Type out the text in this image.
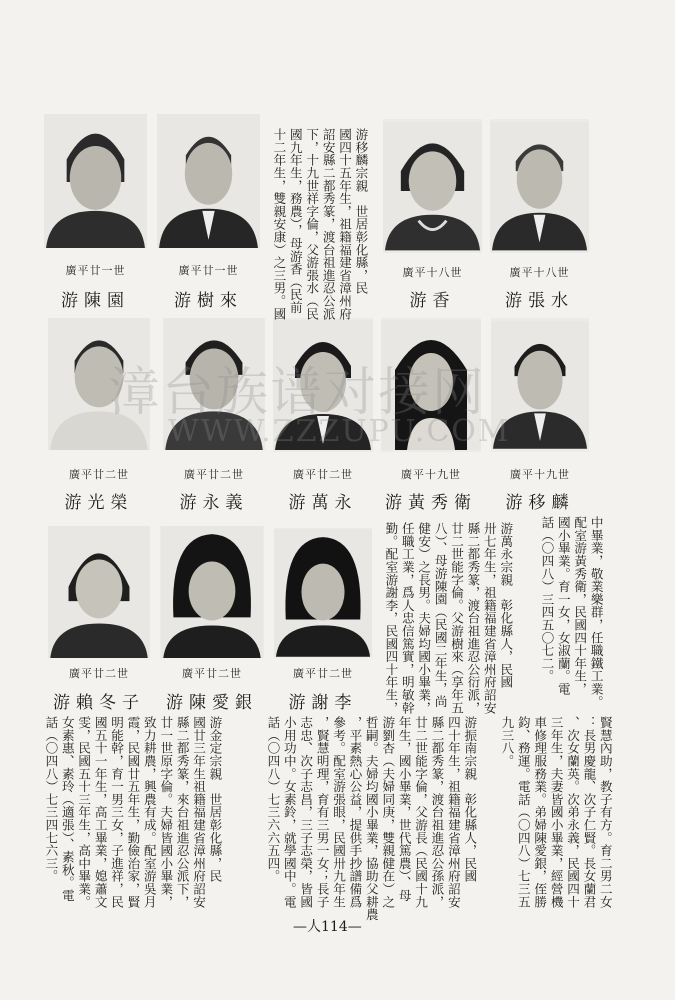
廣平廿一世	廣平廿一世	廣平十八世	廣平十八世
游陳園	游樹來	游香	游張水
廣平廿二世	廣平廿二世	廣平廿二世	廣平十九世	廣平十九世
游光榮	游永義	游萬永	游黃秀衛	游移麟
廣平廿二世	廣平廿二世	廣平廿二世
游賴冬子	游陳愛銀	游謝李
游移麟宗親　世居彰化縣，民
國四十五年生，祖籍福建省漳州府
詔安縣二都秀篆，渡台祖進忍公派
下，十九世祥字倫，父游張水（民
國九年生，務農），母游香（民前
十二年生，雙親安康）之三男。國
中畢業，敬業樂群，任職鐵工業。
配室游黃秀衛，民國四十年生，
國小畢業。育一女，女淑蘭。電
話（〇四八）三四五〇七二。
游萬永宗親　彰化縣人，民國
卅七年生，祖籍福建省漳州府詔安
縣二都秀篆，渡台祖進忍公衍派，
廿二世能字倫。父游樹來（享年五
八）、母游陳園（民國二年生，尚
健安）之長男。夫婦均國小畢業，
任職工業，爲人忠信篤實，明敏幹
勤。配室游謝李，民國四十年生，
賢慧內助，教子有方。育二男二女
：長男慶龍、次子仁賢。長女蘭君
、次女蘭英。次弟永義，民國四十
三年生，夫妻皆國小畢業，經營機
車修理服務業。弟婦陳愛銀，侄勝
鈞、務運。電話（〇四八）七三五
九三八。
游振南宗親　彰化縣人，民國
四十年生，祖籍福建省漳州府詔安
縣二都秀篆，渡台祖進忍公孫派，
廿二世能字倫，父游長（民國十九
年生，國小畢業，世代篤農）、母
游劉杏（夫婦同庚，雙親健在）之
哲嗣。夫婦均國小畢業，協助父耕農
，平素熱心公益，提供手抄譜備爲
參考。配室游張眼，民國卅九年生
，賢慧明理，育有三男一女；長子
志忠、次子志昌，三子志榮，皆國
小用功中。女素鈴，就學國中。電
話（〇四八）七三六六五四。
游金定宗親　世居彰化縣，民
國廿三年生祖籍福建省漳州府詔安
縣二都秀篆，來台祖進忍公派下，
廿一世原字倫。夫婦皆國小畢業，
致力耕農，興農有成。配室游吳月
霞，民國廿五年生，勤儉治家，賢
明能幹，育一男三女，子進祥，民
國五十一年生，高工畢業，媳蕭文
雯，民國五十三年生，高中畢業。
女素惠、素玲（適張）、素秋。電
話（〇四八）七三四七六三。
漳台族谱对接网
WWW.ZZZUPU.COM
—人114—
